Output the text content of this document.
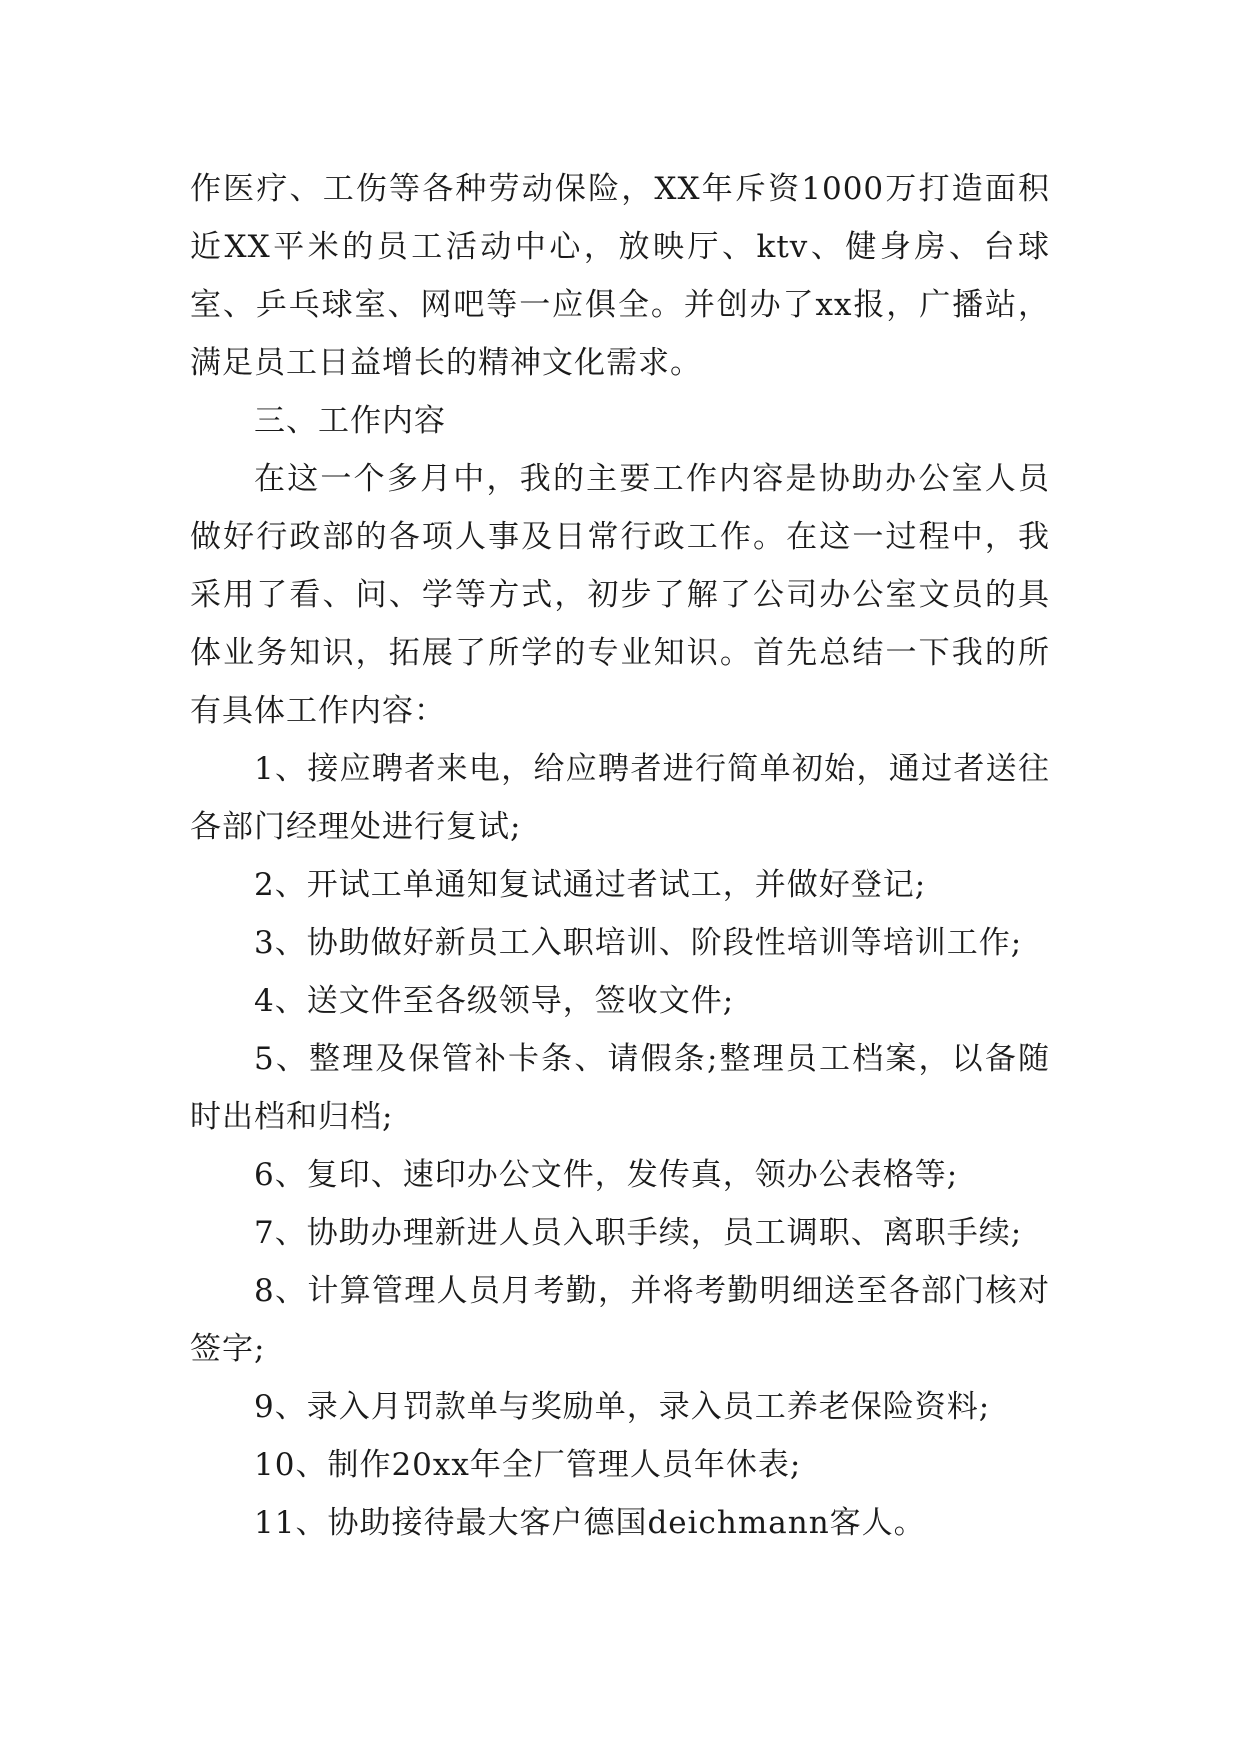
作医疗、工伤等各种劳动保险，XX年斥资1000万打造面积近XX平米的员工活动中心，放映厅、ktv、健身房、台球室、乒乓球室、网吧等一应俱全。并创办了xx报，广播站，满足员工日益增长的精神文化需求。

三、工作内容

在这一个多月中，我的主要工作内容是协助办公室人员做好行政部的各项人事及日常行政工作。在这一过程中，我采用了看、问、学等方式，初步了解了公司办公室文员的具体业务知识，拓展了所学的专业知识。首先总结一下我的所有具体工作内容：

1、接应聘者来电，给应聘者进行简单初始，通过者送往各部门经理处进行复试;

2、开试工单通知复试通过者试工，并做好登记;

3、协助做好新员工入职培训、阶段性培训等培训工作;

4、送文件至各级领导，签收文件;

5、整理及保管补卡条、请假条;整理员工档案，以备随时出档和归档;

6、复印、速印办公文件，发传真，领办公表格等;

7、协助办理新进人员入职手续，员工调职、离职手续;

8、计算管理人员月考勤，并将考勤明细送至各部门核对签字;

9、录入月罚款单与奖励单，录入员工养老保险资料;

10、制作20xx年全厂管理人员年休表;

11、协助接待最大客户德国deichmann客人。
